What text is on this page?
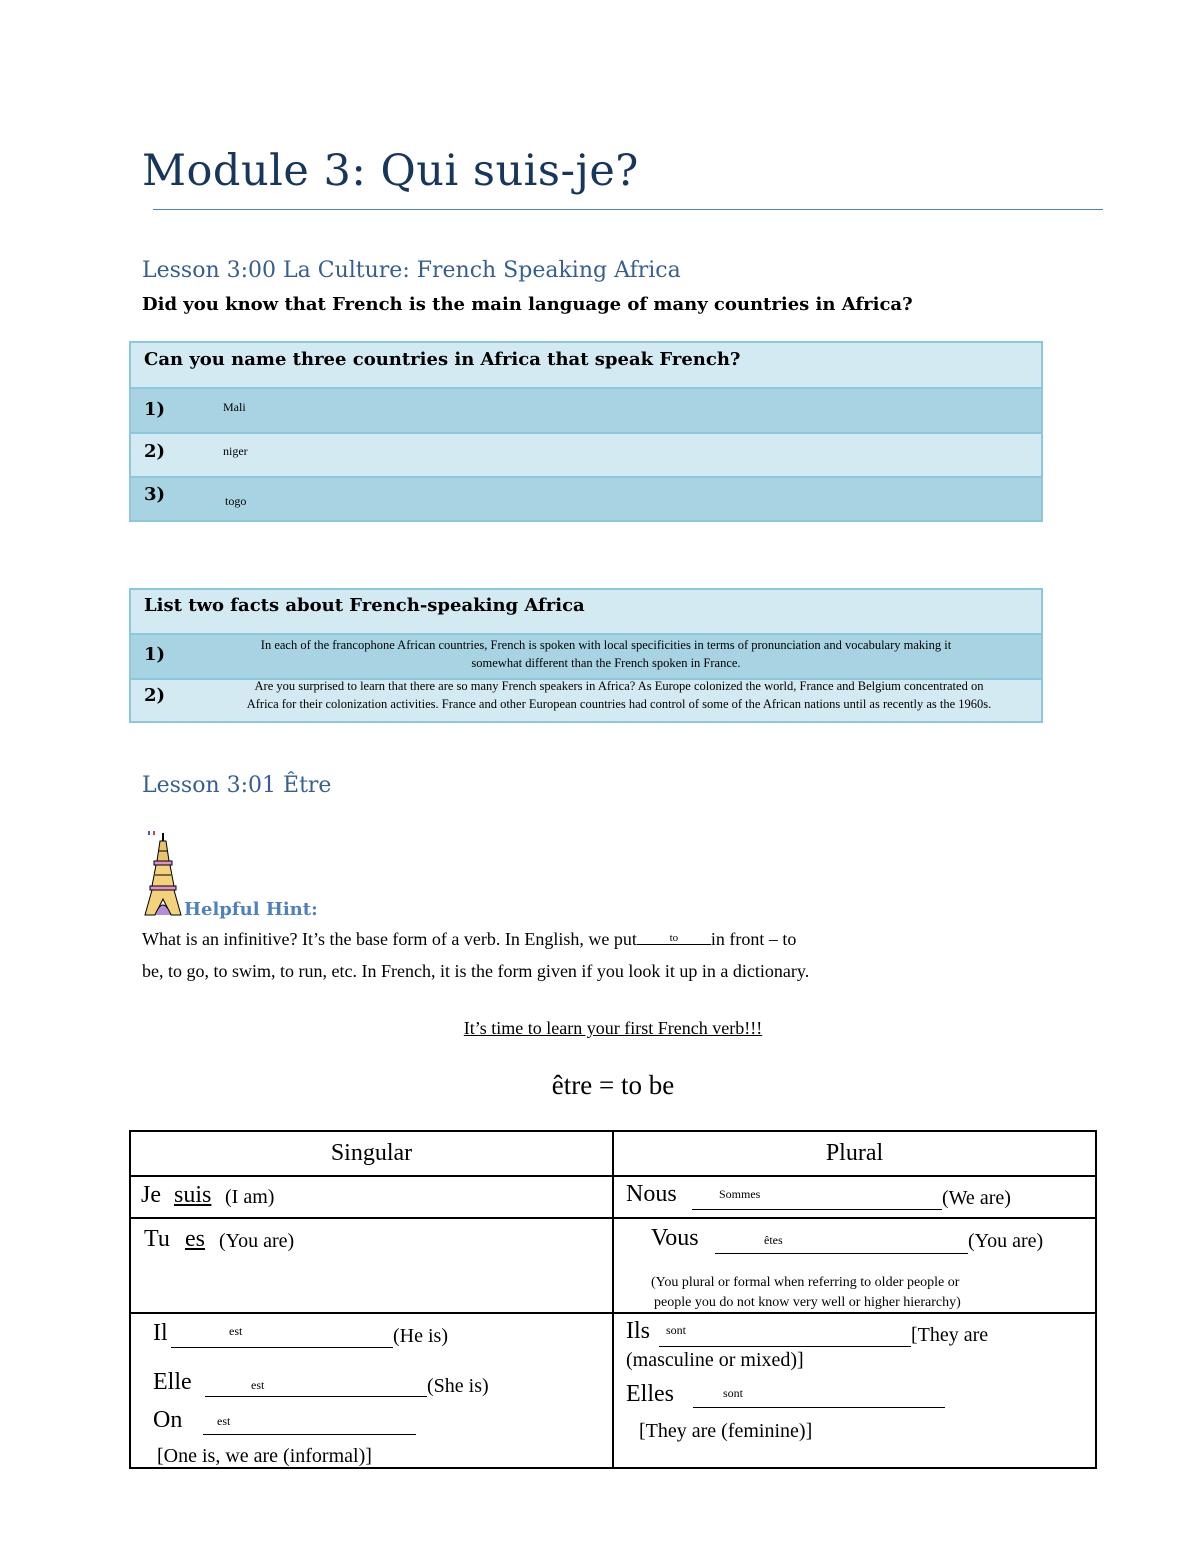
Module 3: Qui suis-je?
Lesson 3:00 La Culture: French Speaking Africa
Did you know that French is the main language of many countries in Africa?
Can you name three countries in Africa that speak French?
1)	Mali
2)	niger
3)	togo
List two facts about French-speaking Africa
1)	In each of the francophone African countries, French is spoken with local specificities in terms of pronunciation and vocabulary making it
somewhat different than the French spoken in France.
2)	Are you surprised to learn that there are so many French speakers in Africa? As Europe colonized the world, France and Belgium concentrated on
Africa for their colonization activities. France and other European countries had control of some of the African nations until as recently as the 1960s.
Lesson 3:01 Être
Helpful Hint:
What is an infinitive? It’s the base form of a verb. In English, we put	to in front – to
be, to go, to swim, to run, etc. In French, it is the form given if you look it up in a dictionary.
It’s time to learn your first French verb!!!
être = to be
Singular	Plural
Je suis (I am)	Nous	Sommes	(We are)
Tu es (You are)	Vous	êtes	(You are)
(You plural or formal when referring to older people or
people you do not know very well or higher hierarchy)
Il	est	(He is)
Elle	est	(She is)
On	est
[One is, we are (informal)]
Ils sont	[They are
(masculine or mixed)]
Elles	sont
[They are (feminine)]
